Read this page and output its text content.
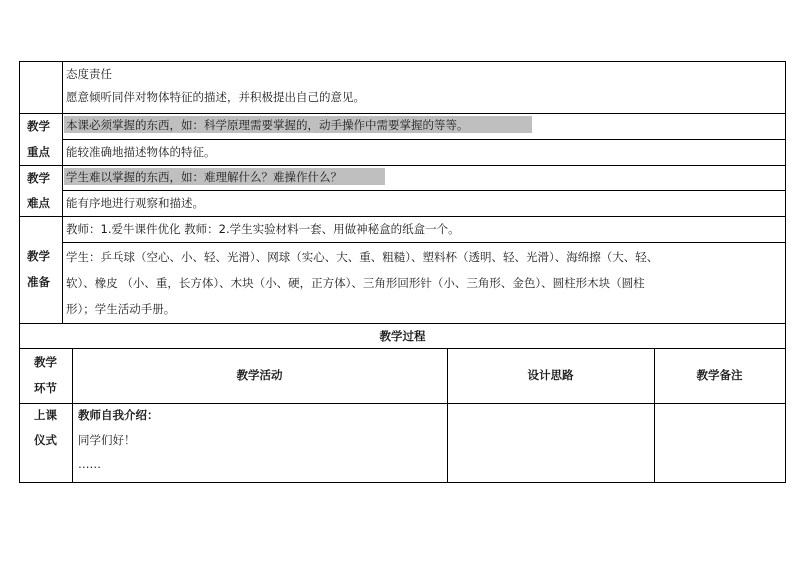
态度责任
愿意倾听同伴对物体特征的描述，并积极提出自己的意见。
教学
重点
本课必须掌握的东西，如：科学原理需要掌握的，动手操作中需要掌握的等等。
能较准确地描述物体的特征。
教学
难点
学生难以掌握的东西，如：难理解什么？难操作什么？
能有序地进行观察和描述。
教学
准备
教师：1.爱牛课件优化 教师：2.学生实验材料一套、用做神秘盒的纸盒一个。
学生：乒乓球（空心、小、轻、光滑）、网球（实心、大、重、粗糙）、塑料杯（透明、轻、光滑）、海绵擦（大、轻、
软）、橡皮 （小、重，长方体）、木块（小、硬，正方体）、三角形回形针（小、三角形、金色）、圆柱形木块（圆柱
形）；学生活动手册。
教学过程
教学
环节
教学活动	设计思路	教学备注
上课
仪式
教师自我介绍：
同学们好！
……
